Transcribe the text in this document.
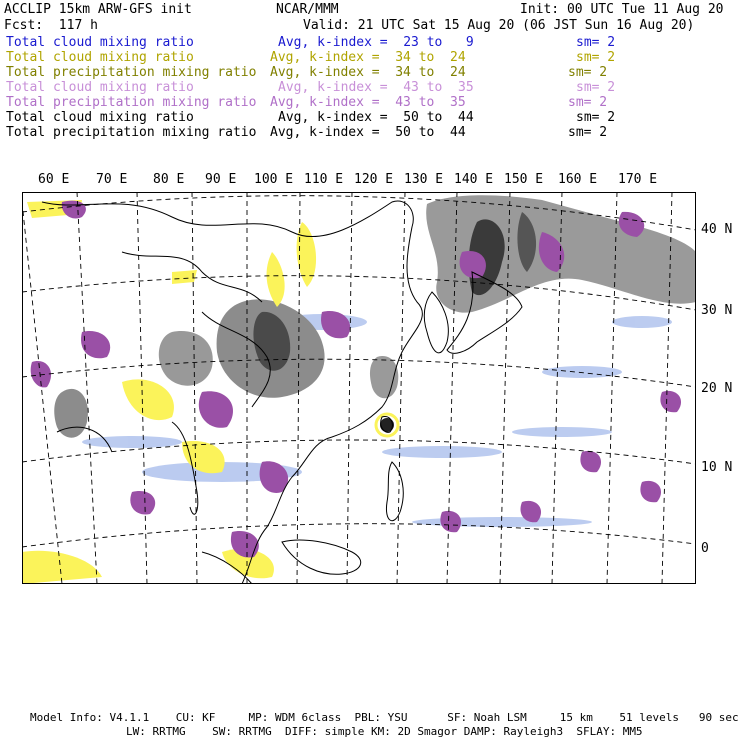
ACCLIP 15km ARW-GFS init	NCAR/MMM	Init: 00 UTC Tue 11 Aug 20
Fcst:  117 h	Valid: 21 UTC Sat 15 Aug 20 (06 JST Sun 16 Aug 20)
Total cloud mixing ratio	Avg, k-index =  23 to   9	sm= 2
Total cloud mixing ratio	Avg, k-index =  34 to  24	sm= 2
Total precipitation mixing ratio Avg, k-index =  34 to  24	sm= 2
Total cloud mixing ratio	Avg, k-index =  43 to  35	sm= 2
Total precipitation mixing ratio Avg, k-index =  43 to  35	sm= 2
Total cloud mixing ratio	Avg, k-index =  50 to  44	sm= 2
Total precipitation mixing ratio Avg, k-index =  50 to  44	sm= 2
60 E 70 E 80 E 90 E 100 E 110 E 120 E 130 E 140 E 150 E 160 E 170 E
40 N
30 N
20 N
10 N
0
Model Info: V4.1.1    CU: KF     MP: WDM 6class  PBL: YSU      SF: Noah LSM     15 km    51 levels   90 sec
LW: RRTMG    SW: RRTMG  DIFF: simple KM: 2D Smagor DAMP: Rayleigh3  SFLAY: MM5
